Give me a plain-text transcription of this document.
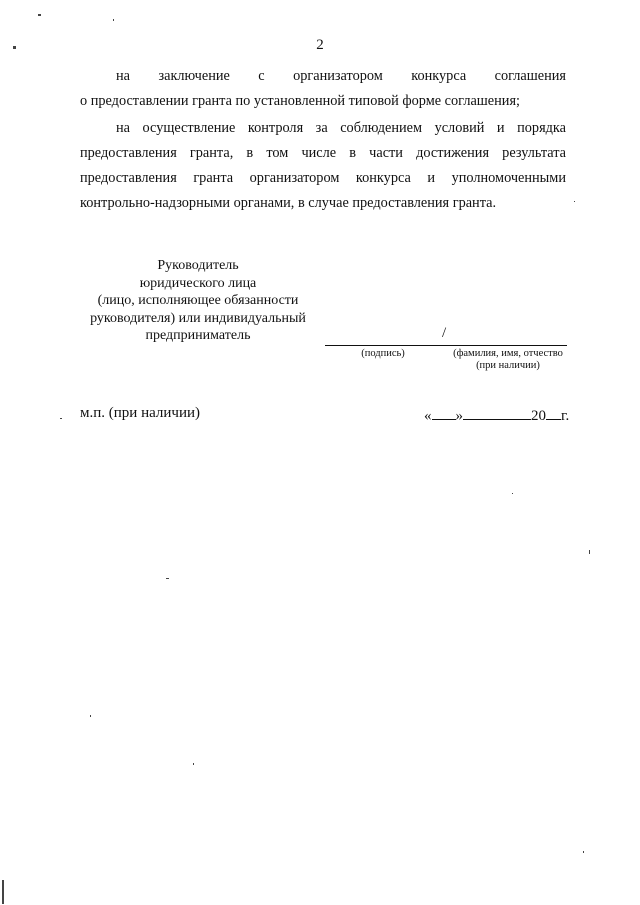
2
на заключение с организатором конкурса соглашения
о предоставлении гранта по установленной типовой форме соглашения;
на осуществление контроля за соблюдением условий и порядка
предоставления гранта, в том числе в части достижения результата
предоставления гранта организатором конкурса и уполномоченными
контрольно-надзорными органами, в случае предоставления гранта.
Руководитель
юридического лица
(лицо, исполняющее обязанности
руководителя) или индивидуальный
предприниматель	/
(подпись)	(фамилия, имя, отчество
(при наличии)
м.п. (при наличии)	« »	20 г.
